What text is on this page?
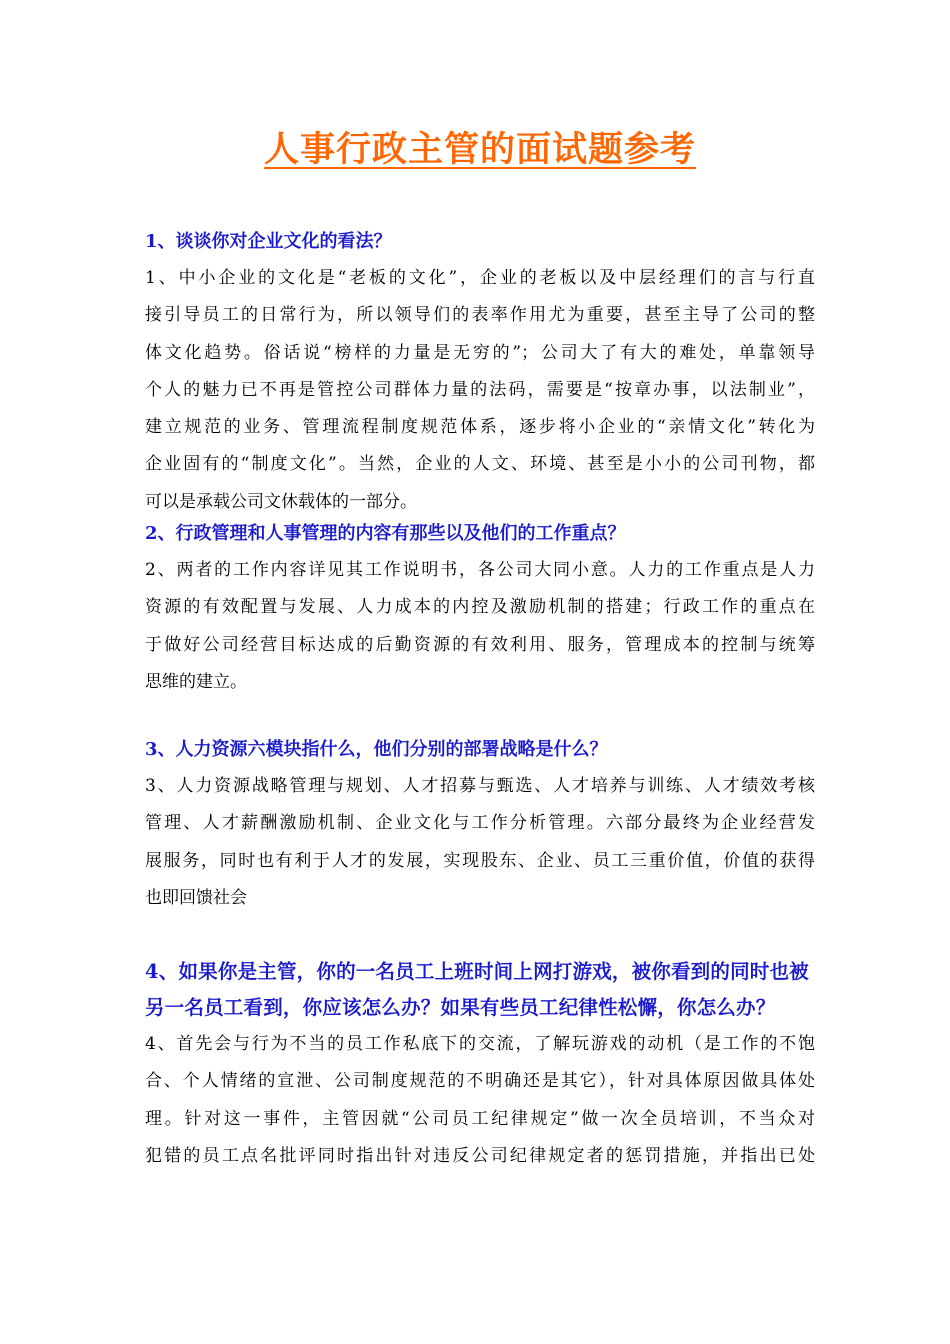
人事行政主管的面试题参考

1、谈谈你对企业文化的看法？

1、中小企业的文化是“老板的文化”，企业的老板以及中层经理们的言与行直
接引导员工的日常行为，所以领导们的表率作用尤为重要，甚至主导了公司的整
体文化趋势。俗话说“榜样的力量是无穷的”；公司大了有大的难处，单靠领导
个人的魅力已不再是管控公司群体力量的法码，需要是“按章办事，以法制业”，
建立规范的业务、管理流程制度规范体系，逐步将小企业的“亲情文化”转化为
企业固有的“制度文化”。当然，企业的人文、环境、甚至是小小的公司刊物，都
可以是承载公司文休载体的一部分。

2、行政管理和人事管理的内容有那些以及他们的工作重点？

2、两者的工作内容详见其工作说明书，各公司大同小意。人力的工作重点是人力
资源的有效配置与发展、人力成本的内控及激励机制的搭建；行政工作的重点在
于做好公司经营目标达成的后勤资源的有效利用、服务，管理成本的控制与统筹
思维的建立。

3、人力资源六模块指什么，他们分别的部署战略是什么？

3、人力资源战略管理与规划、人才招募与甄选、人才培养与训练、人才绩效考核
管理、人才薪酬激励机制、企业文化与工作分析管理。六部分最终为企业经营发
展服务，同时也有利于人才的发展，实现股东、企业、员工三重价值，价值的获得
也即回馈社会

4、如果你是主管，你的一名员工上班时间上网打游戏，被你看到的同时也被另一名员工看到，你应该怎么办？如果有些员工纪律性松懈，你怎么办？

4、首先会与行为不当的员工作私底下的交流，了解玩游戏的动机（是工作的不饱
合、个人情绪的宣泄、公司制度规范的不明确还是其它），针对具体原因做具体处
理。针对这一事件，主管因就“公司员工纪律规定”做一次全员培训，不当众对
犯错的员工点名批评同时指出针对违反公司纪律规定者的惩罚措施，并指出已处
